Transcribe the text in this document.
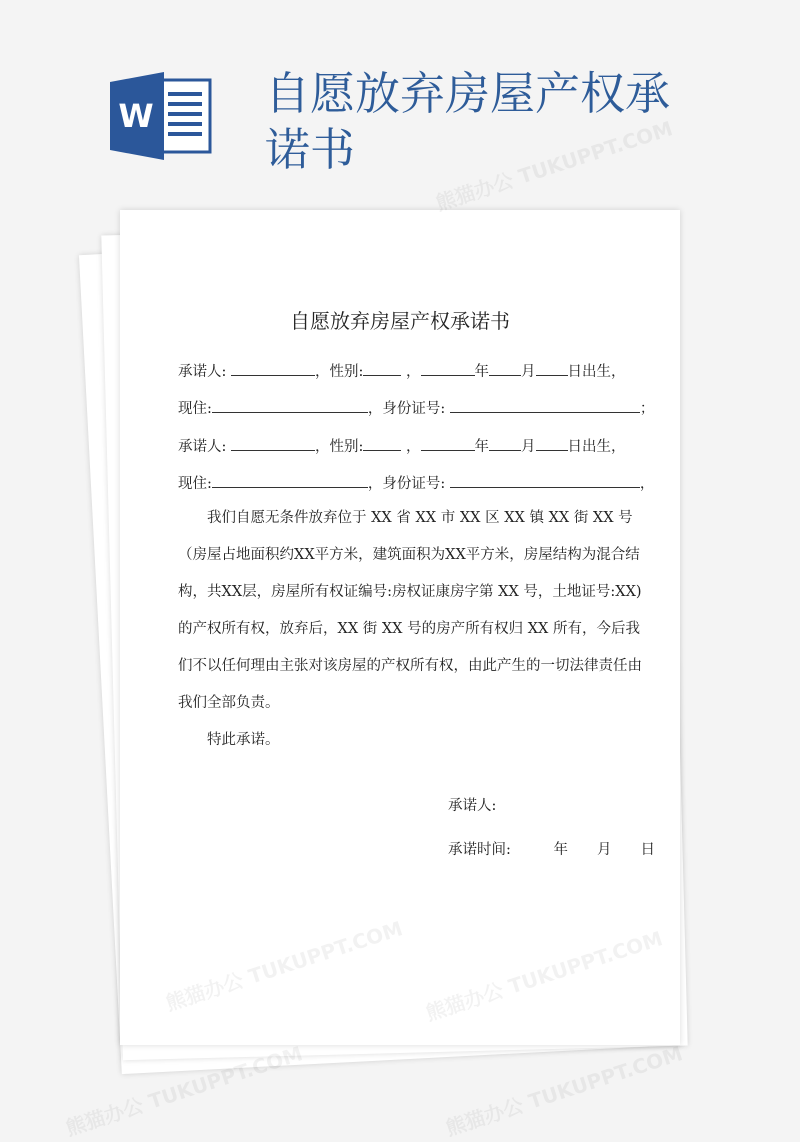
W 自愿放弃房屋产权承诺书
自愿放弃房屋产权承诺书
承诺人:	，性别:	，	年 月 日出生，
现住:	，身份证号:	；
承诺人:	，性别:	，	年 月 日出生，
现住:	，身份证号:	，

我们自愿无条件放弃位于 XX 省 XX 市 XX 区 XX 镇 XX 街 XX 号（房屋占地面积约XX平方米，建筑面积为XX平方米，房屋结构为混合结构，共XX层，房屋所有权证编号:房权证康房字第 XX 号，土地证号:XX)的产权所有权，放弃后，XX 街 XX 号的房产所有权归 XX 所有，今后我们不以任何理由主张对该房屋的产权所有权，由此产生的一切法律责任由我们全部负责。

特此承诺。

承诺人:
承诺时间:	年　　月　　日
熊猫办公 TUKUPPT.COM
熊猫办公 TUKUPPT.COM	熊猫办公 TUKUPPT.COM
